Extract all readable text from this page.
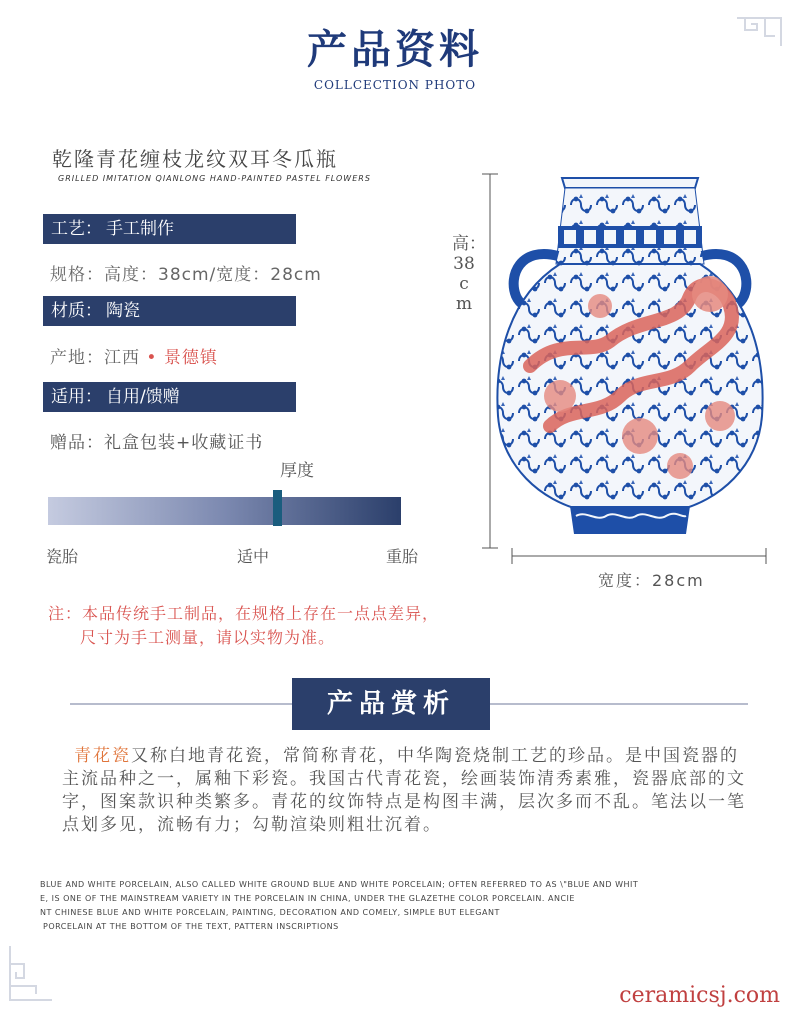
产品资料
COLLCECTION PHOTO
乾隆青花缠枝龙纹双耳冬瓜瓶
GRILLED IMITATION QIANLONG HAND-PAINTED PASTEL FLOWERS
工艺： 手工制作
规格：高度：38cm/宽度：28cm
材质： 陶瓷
产地：江西 • 景德镇
适用： 自用/馈赠
赠品：礼盒包装+收藏证书
厚度
瓷胎	适中	重胎
高：38cm
宽度：28cm
注：本品传统手工制品，在规格上存在一点点差异，
尺寸为手工测量，请以实物为准。
产品赏析
青花瓷又称白地青花瓷，常简称青花，中华陶瓷烧制工艺的珍品。是中国瓷器的主流品种之一，属釉下彩瓷。我国古代青花瓷，绘画装饰清秀素雅，瓷器底部的文字，图案款识种类繁多。青花的纹饰特点是构图丰满，层次多而不乱。笔法以一笔点划多见，流畅有力；勾勒渲染则粗壮沉着。
BLUE AND WHITE PORCELAIN, ALSO CALLED WHITE GROUND BLUE AND WHITE PORCELAIN; OFTEN REFERRED TO AS \"BLUE AND WHIT
E, IS ONE OF THE MAINSTREAM VARIETY IN THE PORCELAIN IN CHINA, UNDER THE GLAZETHE COLOR PORCELAIN. ANCIE
NT CHINESE BLUE AND WHITE PORCELAIN, PAINTING, DECORATION AND COMELY, SIMPLE BUT ELEGANT
PORCELAIN AT THE BOTTOM OF THE TEXT, PATTERN INSCRIPTIONS
ceramicsj.com
